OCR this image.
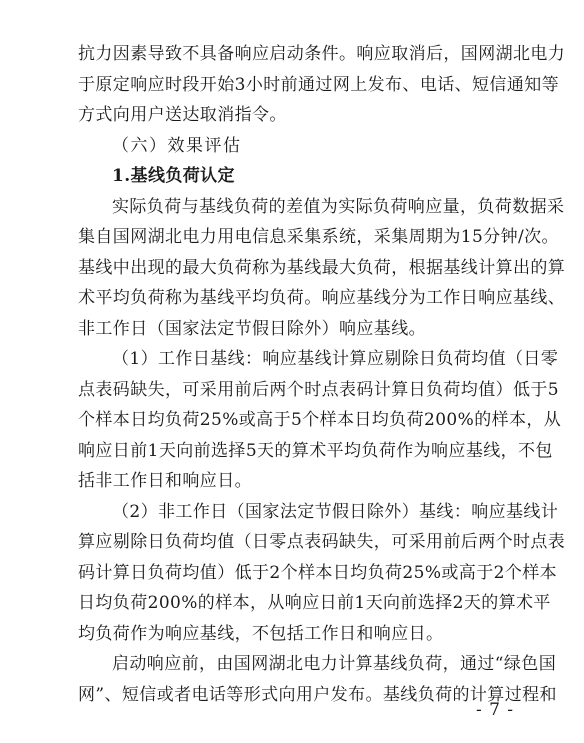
- 7 -
抗力因素导致不具备响应启动条件。响应取消后，国网湖北电力
于原定响应时段开始3小时前通过网上发布、电话、短信通知等
方式向用户送达取消指令。
（六）效果评估
1.基线负荷认定
实际负荷与基线负荷的差值为实际负荷响应量，负荷数据采
集自国网湖北电力用电信息采集系统，采集周期为15分钟/次。
基线中出现的最大负荷称为基线最大负荷，根据基线计算出的算
术平均负荷称为基线平均负荷。响应基线分为工作日响应基线、
非工作日（国家法定节假日除外）响应基线。
（1）工作日基线：响应基线计算应剔除日负荷均值（日零
点表码缺失，可采用前后两个时点表码计算日负荷均值）低于5
个样本日均负荷25%或高于5个样本日均负荷200%的样本，从
响应日前1天向前选择5天的算术平均负荷作为响应基线，不包
括非工作日和响应日。
（2）非工作日（国家法定节假日除外）基线：响应基线计
算应剔除日负荷均值（日零点表码缺失，可采用前后两个时点表
码计算日负荷均值）低于2个样本日均负荷25%或高于2个样本
日均负荷200%的样本，从响应日前1天向前选择2天的算术平
均负荷作为响应基线，不包括工作日和响应日。
启动响应前，由国网湖北电力计算基线负荷，通过“绿色国
网”、短信或者电话等形式向用户发布。基线负荷的计算过程和
